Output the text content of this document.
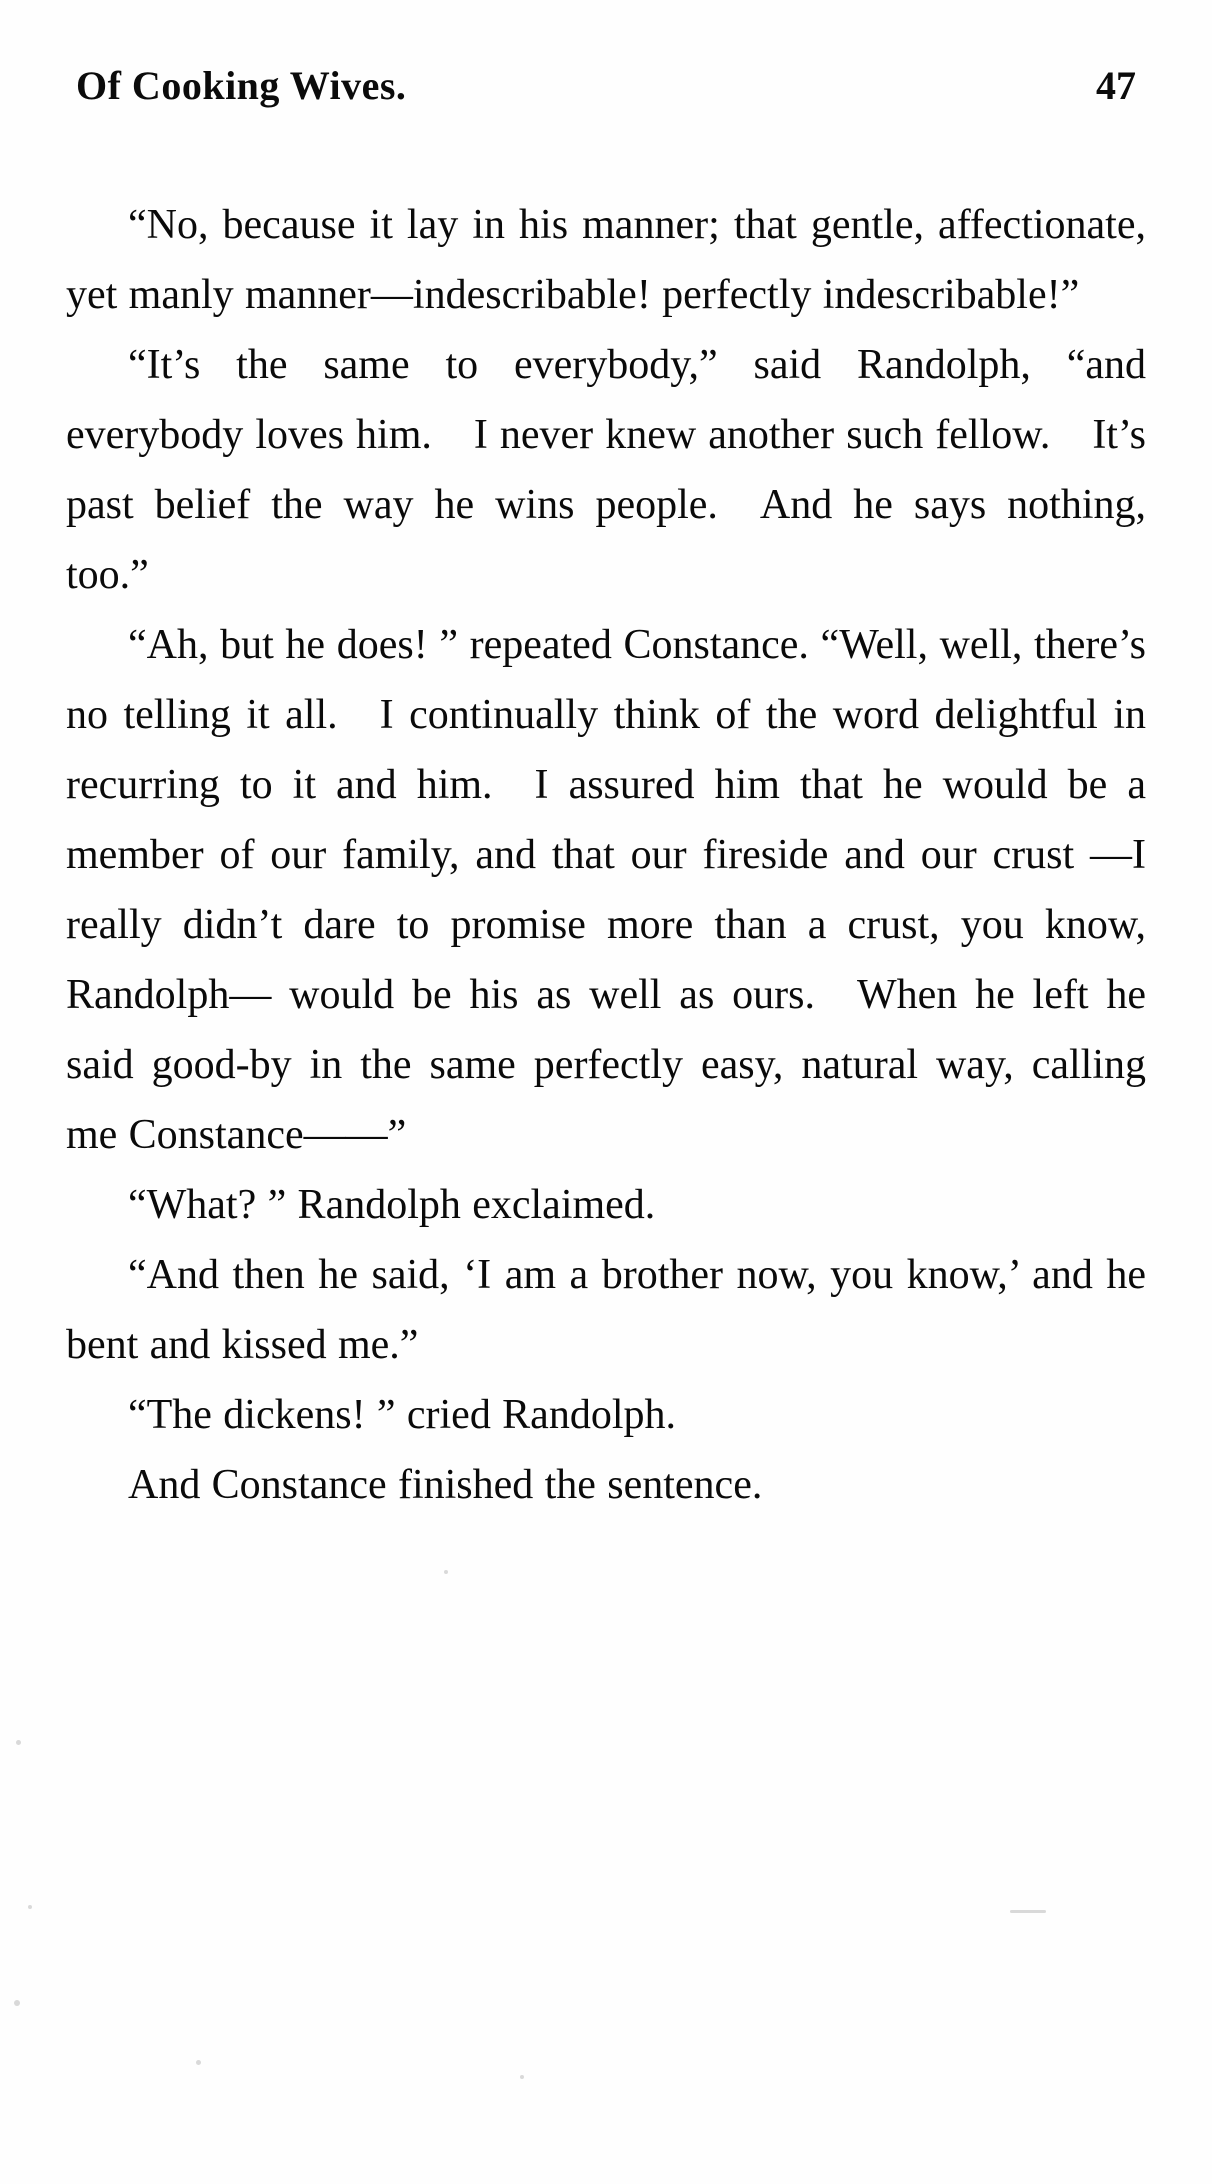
Of Cooking Wives.	47

“No, because it lay in his manner; that gentle, affectionate, yet manly manner—indescribable! perfectly indescribable!”

“It’s the same to everybody,” said Randolph, “and everybody loves him. I never knew another such fellow. It’s past belief the way he wins people. And he says nothing, too.”

“Ah, but he does! ” repeated Constance. “Well, well, there’s no telling it all. I continually think of the word delightful in recurring to it and him. I assured him that he would be a member of our family, and that our fireside and our crust —I really didn’t dare to promise more than a crust, you know, Randolph— would be his as well as ours. When he left he said good-by in the same perfectly easy, natural way, calling me Constance——”

“What? ” Randolph exclaimed.

“And then he said, ‘I am a brother now, you know,’ and he bent and kissed me.”

“The dickens! ” cried Randolph.

And Constance finished the sentence.
